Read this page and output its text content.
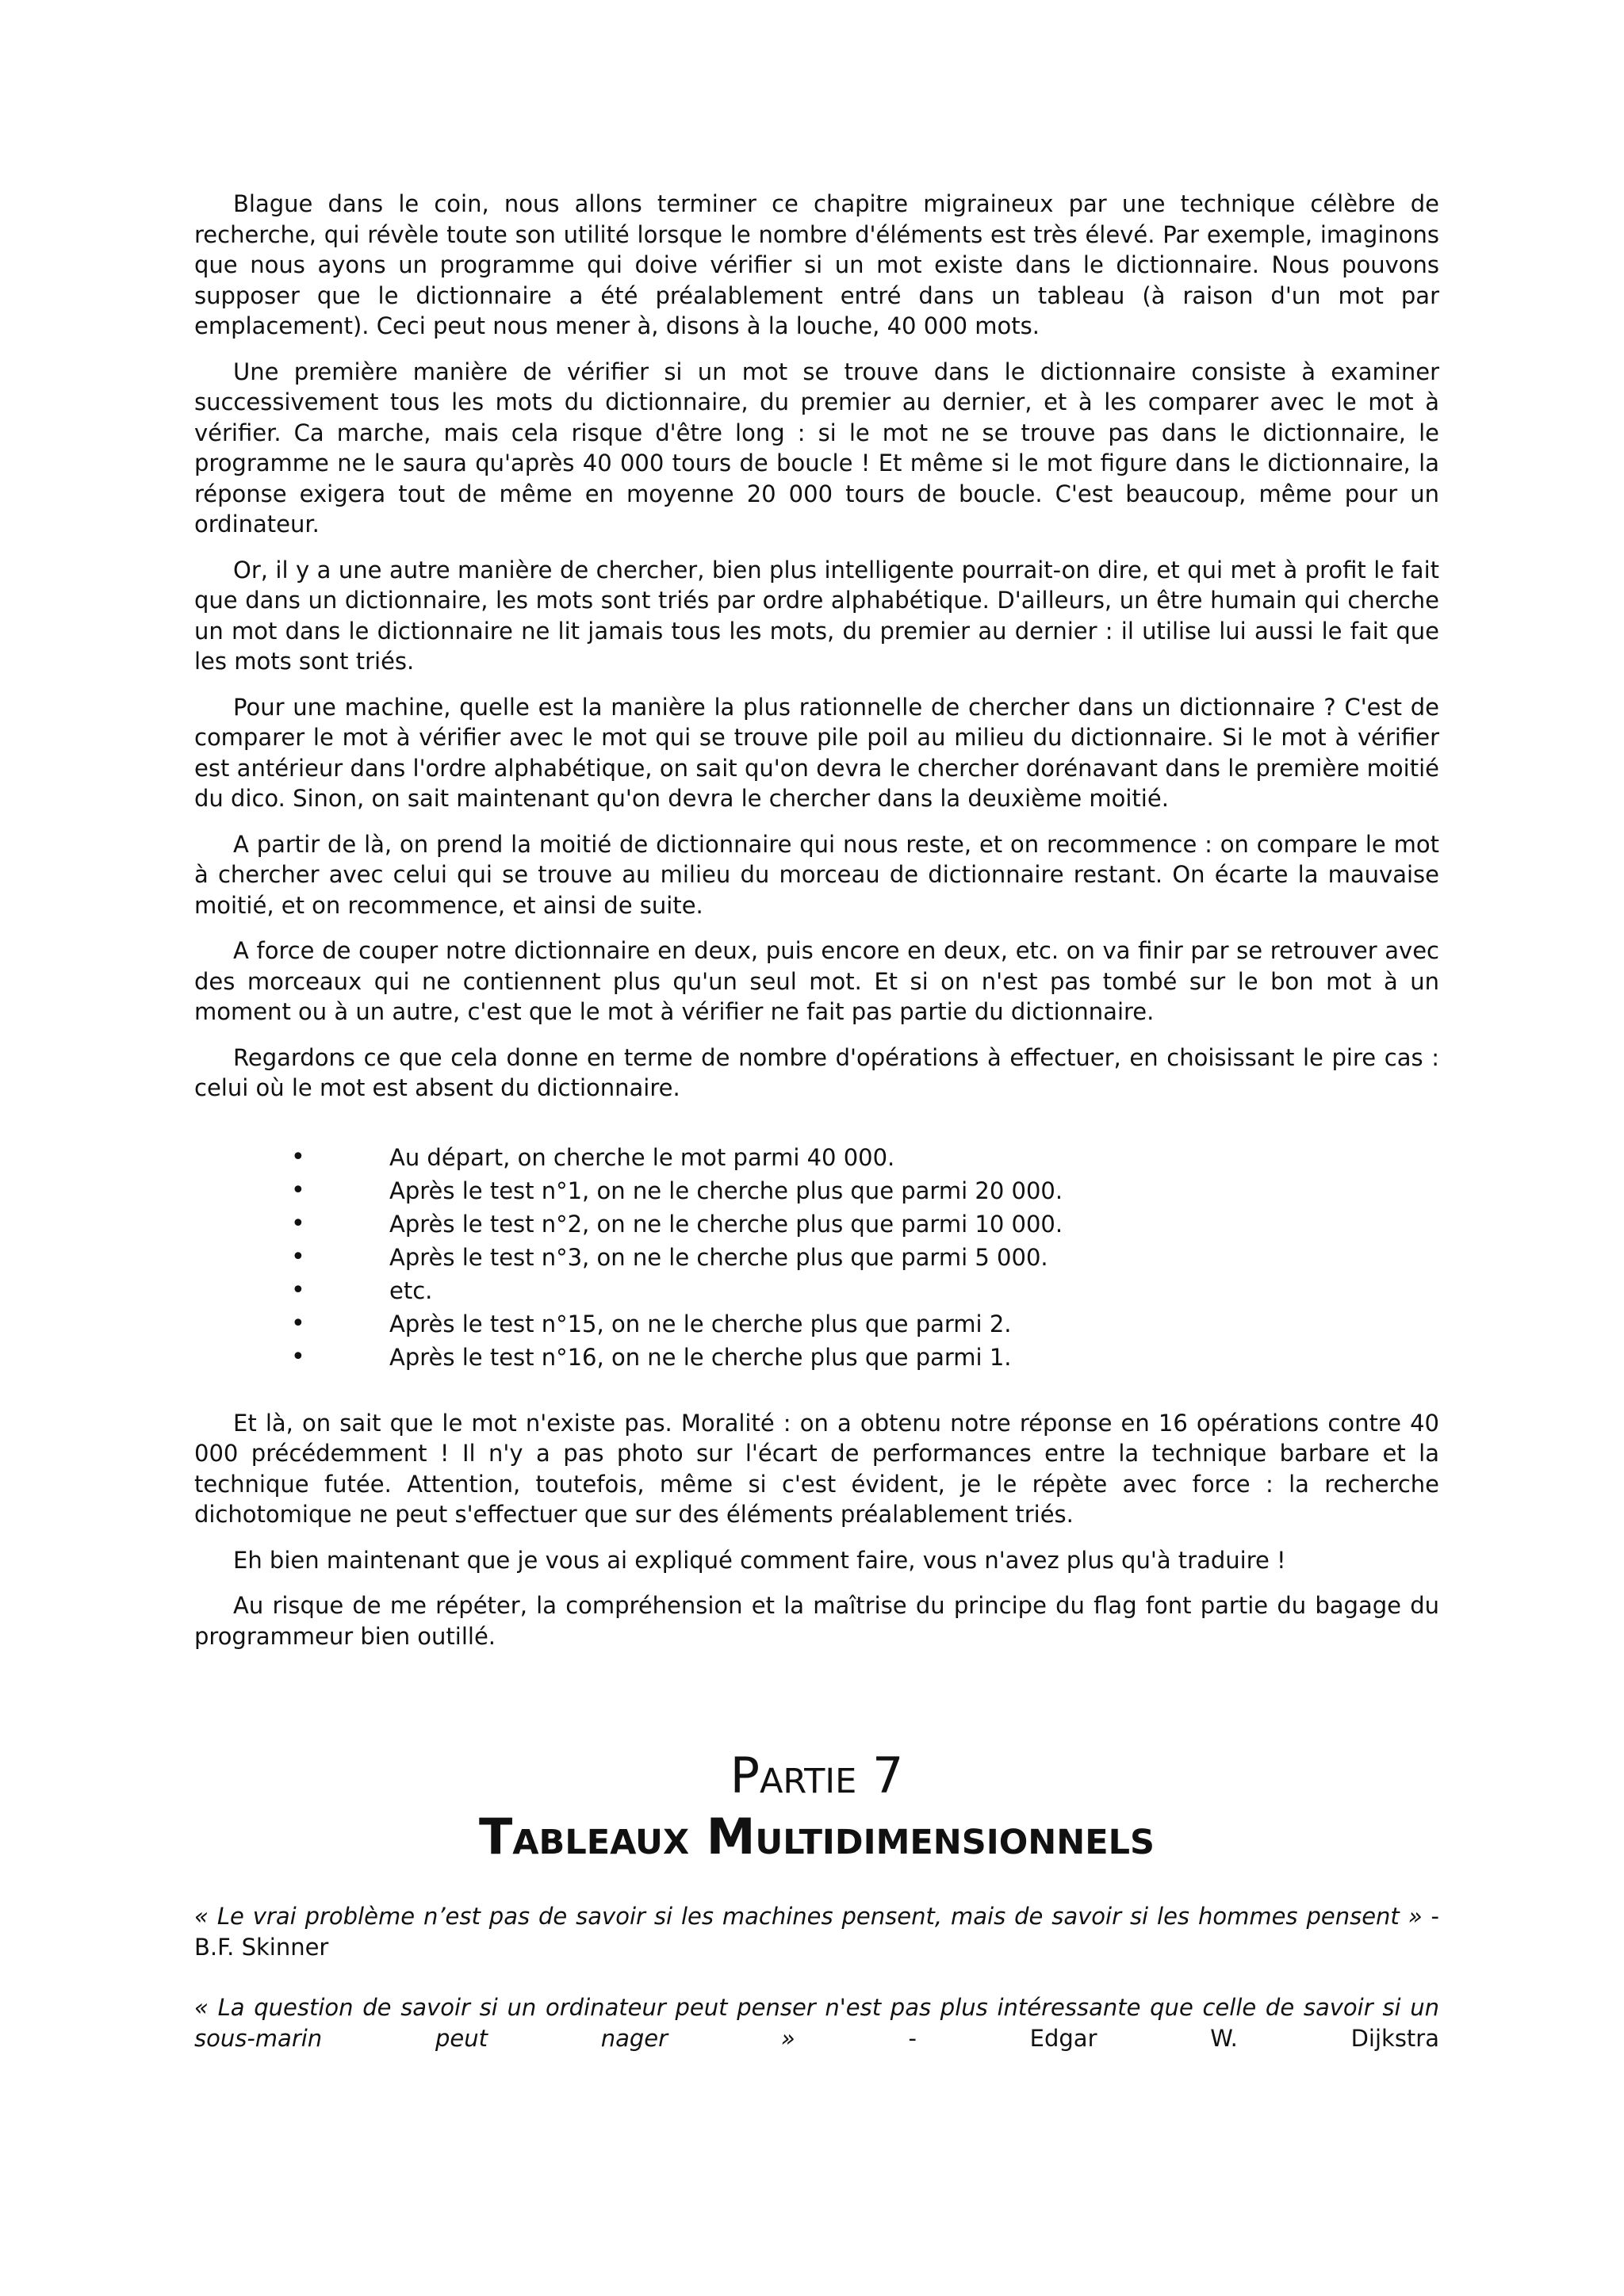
Blague dans le coin, nous allons terminer ce chapitre migraineux par une technique célèbre de recherche, qui révèle toute son utilité lorsque le nombre d'éléments est très élevé. Par exemple, imaginons que nous ayons un programme qui doive vérifier si un mot existe dans le dictionnaire. Nous pouvons supposer que le dictionnaire a été préalablement entré dans un tableau (à raison d'un mot par emplacement). Ceci peut nous mener à, disons à la louche, 40 000 mots.

Une première manière de vérifier si un mot se trouve dans le dictionnaire consiste à examiner successivement tous les mots du dictionnaire, du premier au dernier, et à les comparer avec le mot à vérifier. Ca marche, mais cela risque d'être long : si le mot ne se trouve pas dans le dictionnaire, le programme ne le saura qu'après 40 000 tours de boucle ! Et même si le mot figure dans le dictionnaire, la réponse exigera tout de même en moyenne 20 000 tours de boucle. C'est beaucoup, même pour un ordinateur.

Or, il y a une autre manière de chercher, bien plus intelligente pourrait-on dire, et qui met à profit le fait que dans un dictionnaire, les mots sont triés par ordre alphabétique. D'ailleurs, un être humain qui cherche un mot dans le dictionnaire ne lit jamais tous les mots, du premier au dernier : il utilise lui aussi le fait que les mots sont triés.

Pour une machine, quelle est la manière la plus rationnelle de chercher dans un dictionnaire ? C'est de comparer le mot à vérifier avec le mot qui se trouve pile poil au milieu du dictionnaire. Si le mot à vérifier est antérieur dans l'ordre alphabétique, on sait qu'on devra le chercher dorénavant dans le première moitié du dico. Sinon, on sait maintenant qu'on devra le chercher dans la deuxième moitié.

A partir de là, on prend la moitié de dictionnaire qui nous reste, et on recommence : on compare le mot à chercher avec celui qui se trouve au milieu du morceau de dictionnaire restant. On écarte la mauvaise moitié, et on recommence, et ainsi de suite.

A force de couper notre dictionnaire en deux, puis encore en deux, etc. on va finir par se retrouver avec des morceaux qui ne contiennent plus qu'un seul mot. Et si on n'est pas tombé sur le bon mot à un moment ou à un autre, c'est que le mot à vérifier ne fait pas partie du dictionnaire.

Regardons ce que cela donne en terme de nombre d'opérations à effectuer, en choisissant le pire cas : celui où le mot est absent du dictionnaire.

• Au départ, on cherche le mot parmi 40 000.
• Après le test n°1, on ne le cherche plus que parmi 20 000.
• Après le test n°2, on ne le cherche plus que parmi 10 000.
• Après le test n°3, on ne le cherche plus que parmi 5 000.
• etc.
• Après le test n°15, on ne le cherche plus que parmi 2.
• Après le test n°16, on ne le cherche plus que parmi 1.

Et là, on sait que le mot n'existe pas. Moralité : on a obtenu notre réponse en 16 opérations contre 40 000 précédemment ! Il n'y a pas photo sur l'écart de performances entre la technique barbare et la technique futée. Attention, toutefois, même si c'est évident, je le répète avec force : la recherche dichotomique ne peut s'effectuer que sur des éléments préalablement triés.

Eh bien maintenant que je vous ai expliqué comment faire, vous n'avez plus qu'à traduire !

Au risque de me répéter, la compréhension et la maîtrise du principe du flag font partie du bagage du programmeur bien outillé.

Partie 7
Tableaux Multidimensionnels

« Le vrai problème n’est pas de savoir si les machines pensent, mais de savoir si les hommes pensent » - B.F. Skinner

« La question de savoir si un ordinateur peut penser n'est pas plus intéressante que celle de savoir si un sous-marin peut nager » - Edgar W. Dijkstra
